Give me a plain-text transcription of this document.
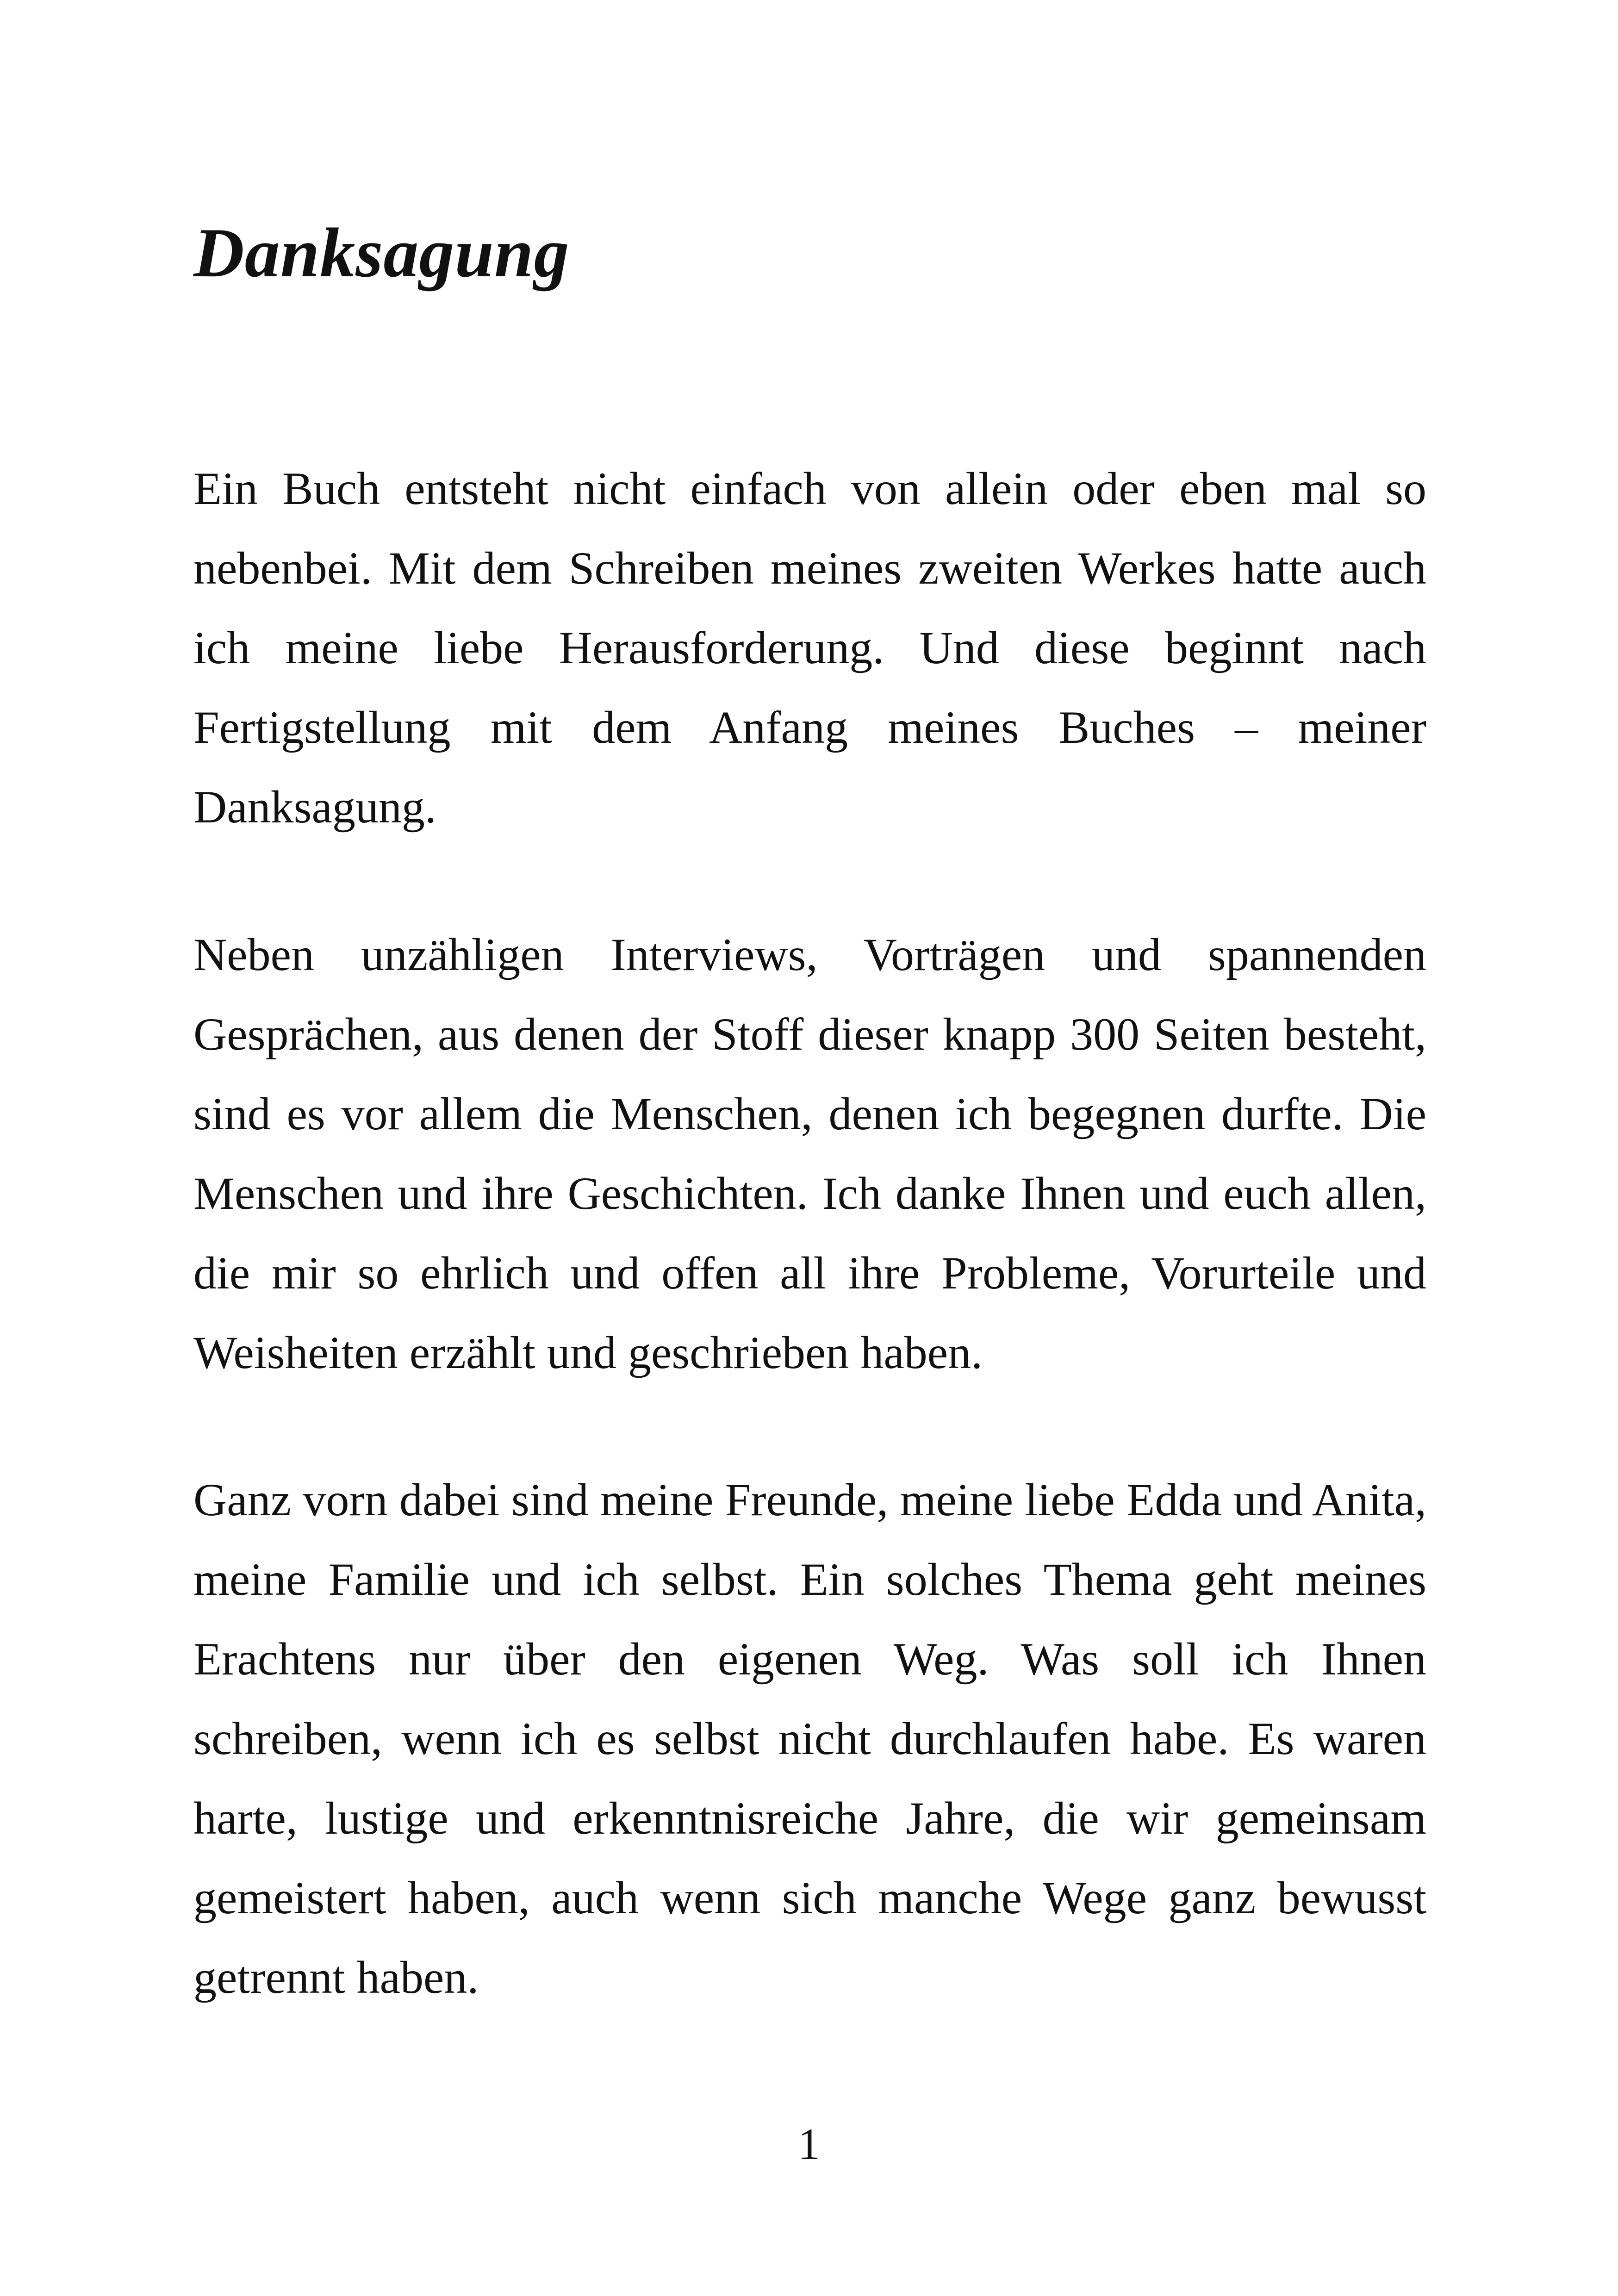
Danksagung

Ein Buch entsteht nicht einfach von allein oder eben mal so nebenbei. Mit dem Schreiben meines zweiten Werkes hatte auch ich meine liebe Herausforderung. Und diese beginnt nach Fertigstellung mit dem Anfang meines Buches – meiner Danksagung.

Neben unzähligen Interviews, Vorträgen und spannenden Gesprächen, aus denen der Stoff dieser knapp 300 Seiten besteht, sind es vor allem die Menschen, denen ich begegnen durfte. Die Menschen und ihre Geschichten. Ich danke Ihnen und euch allen, die mir so ehrlich und offen all ihre Probleme, Vorurteile und Weisheiten erzählt und geschrieben haben.

Ganz vorn dabei sind meine Freunde, meine liebe Edda und Anita, meine Familie und ich selbst. Ein solches Thema geht meines Erachtens nur über den eigenen Weg. Was soll ich Ihnen schreiben, wenn ich es selbst nicht durchlaufen habe. Es waren harte, lustige und erkenntnisreiche Jahre, die wir gemeinsam gemeistert haben, auch wenn sich manche Wege ganz bewusst getrennt haben.

1
